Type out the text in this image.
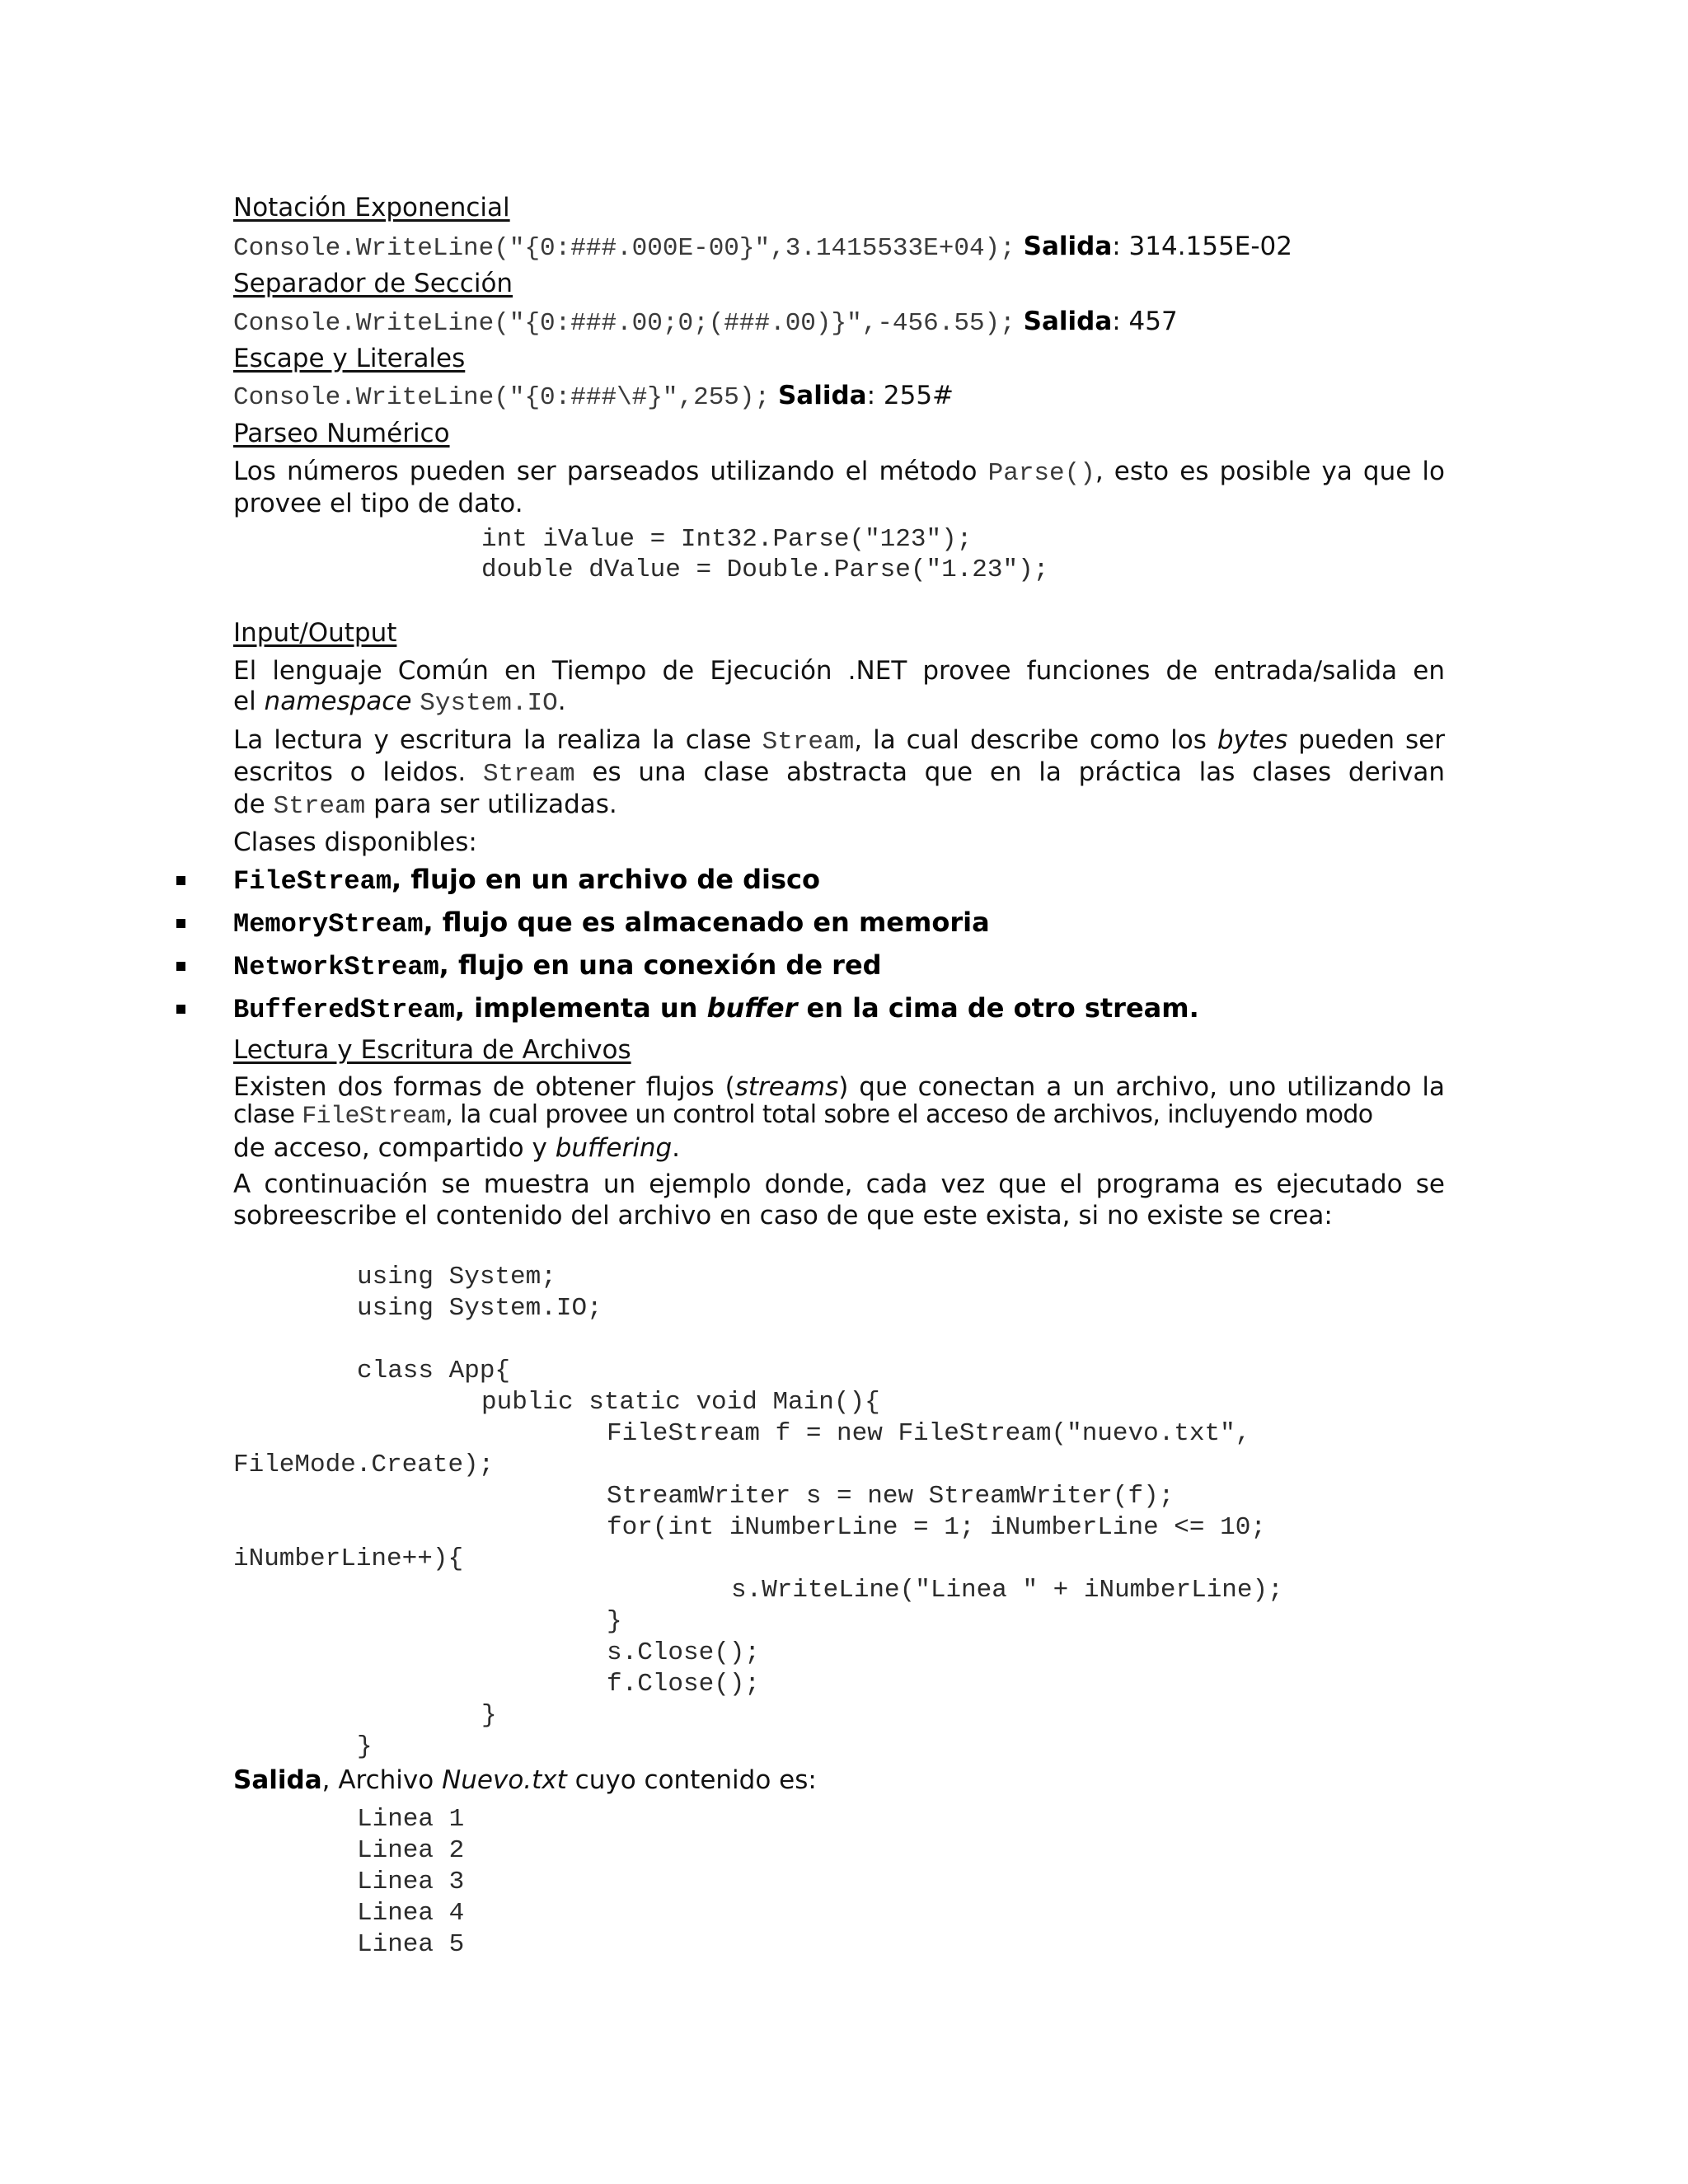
Notación Exponencial
Console.WriteLine("{0:###.000E-00}",3.1415533E+04); Salida: 314.155E-02
Separador de Sección
Console.WriteLine("{0:###.00;0;(###.00)}",-456.55); Salida: 457
Escape y Literales
Console.WriteLine("{0:###\#}",255); Salida: 255#
Parseo Numérico
Los números pueden ser parseados utilizando el método Parse(), esto es posible ya que lo
provee el tipo de dato.
int iValue = Int32.Parse("123");
double dValue = Double.Parse("1.23");
Input/Output
El lenguaje Común en Tiempo de Ejecución .NET provee funciones de entrada/salida en
el namespace System.IO.
La lectura y escritura la realiza la clase Stream, la cual describe como los bytes pueden ser
escritos o leidos. Stream es una clase abstracta que en la práctica las clases derivan
de Stream para ser utilizadas.
Clases disponibles:
FileStream, flujo en un archivo de disco
MemoryStream, flujo que es almacenado en memoria
NetworkStream, flujo en una conexión de red
BufferedStream, implementa un buffer en la cima de otro stream.
Lectura y Escritura de Archivos
Existen dos formas de obtener flujos (streams) que conectan a un archivo, uno utilizando la
clase FileStream, la cual provee un control total sobre el acceso de archivos, incluyendo modo
de acceso, compartido y buffering.
A continuación se muestra un ejemplo donde, cada vez que el programa es ejecutado se
sobreescribe el contenido del archivo en caso de que este exista, si no existe se crea:
using System;
using System.IO;
class App{
public static void Main(){
FileStream f = new FileStream("nuevo.txt",
FileMode.Create);
StreamWriter s = new StreamWriter(f);
for(int iNumberLine = 1; iNumberLine <= 10;
iNumberLine++){
s.WriteLine("Linea " + iNumberLine);
}
s.Close();
f.Close();
}
}
Salida, Archivo Nuevo.txt cuyo contenido es:
Linea 1
Linea 2
Linea 3
Linea 4
Linea 5
